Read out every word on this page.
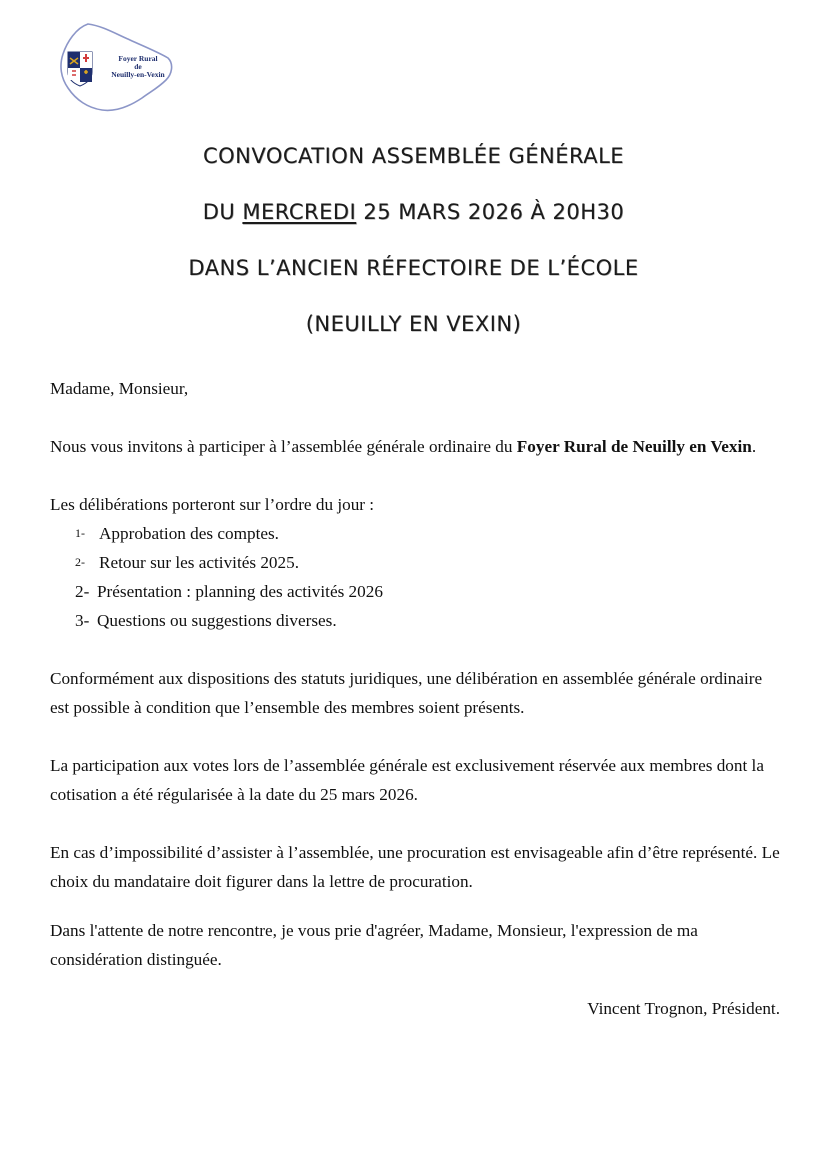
Foyer Rural
de
Neuilly-en-Vexin

CONVOCATION ASSEMBLÉE GÉNÉRALE

DU MERCREDI 25 MARS 2026 À 20H30

DANS L’ANCIEN RÉFECTOIRE DE L’ÉCOLE

(NEUILLY EN VEXIN)

Madame, Monsieur,

Nous vous invitons à participer à l’assemblée générale ordinaire du Foyer Rural de Neuilly en Vexin.

Les délibérations porteront sur l’ordre du jour :

1- Approbation des comptes.
2- Retour sur les activités 2025.
2- Présentation : planning des activités 2026
3- Questions ou suggestions diverses.

Conformément aux dispositions des statuts juridiques, une délibération en assemblée générale ordinaire est possible à condition que l’ensemble des membres soient présents.

La participation aux votes lors de l’assemblée générale est exclusivement réservée aux membres dont la cotisation a été régularisée à la date du 25 mars 2026.

En cas d’impossibilité d’assister à l’assemblée, une procuration est envisageable afin d’être représenté. Le choix du mandataire doit figurer dans la lettre de procuration.

Dans l'attente de notre rencontre, je vous prie d'agréer, Madame, Monsieur, l'expression de ma considération distinguée.

Vincent Trognon, Président.
